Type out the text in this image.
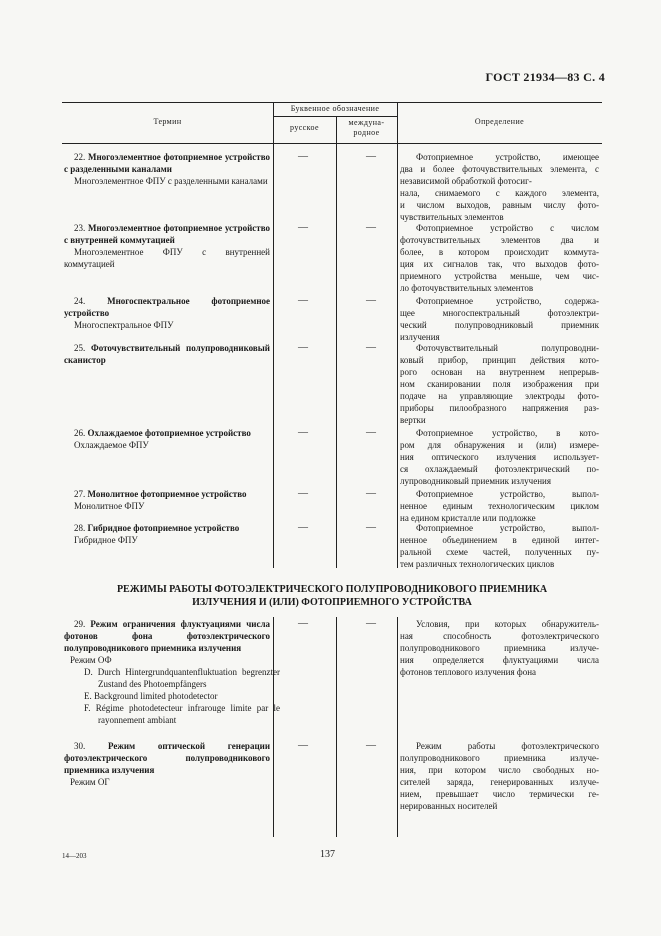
ГОСТ 21934—83 С. 4
Термин
Буквенное обозначение
русское
междуна-
родное
Определение
22. Многоэлементное фотоприемное устройство с разделенными каналами
Многоэлементное ФПУ с разделенными каналами
—	—	Фотоприемное устройство, имеющее
два и более фоточувствительных элемента, с независимой обработкой фотосиг-
нала, снимаемого с каждого элемента,
и числом выходов, равным числу фото-
чувствительных элементов
23. Многоэлементное фотоприемное устройство с внутренней коммутацией
Многоэлементное ФПУ с внутренней коммутацией
—	—	Фотоприемное устройство с числом
фоточувствительных элементов два и
более, в котором происходит коммута-
ция их сигналов так, что выходов фото-
приемного устройства меньше, чем чис-
ло фоточувствительных элементов
24. Многоспектральное фотоприемное устройство
Многоспектральное ФПУ
—	—	Фотоприемное устройство, содержа-
щее многоспектральный фотоэлектри-
ческий полупроводниковый приемник
излучения
25. Фоточувствительный полупроводниковый сканистор
—	—	Фоточувствительный полупроводни-
ковый прибор, принцип действия кото-
рого основан на внутреннем непрерыв-
ном сканировании поля изображения при
подаче на управляющие электроды фото-
приборы пилообразного напряжения раз-
вертки
26. Охлаждаемое фотоприемное устройство
Охлаждаемое ФПУ
—	—	Фотоприемное устройство, в кото-
ром для обнаружения и (или) измере-
ния оптического излучения использует-
ся охлаждаемый фотоэлектрический по-
лупроводниковый приемник излучения
27. Монолитное фотоприемное устройство
Монолитное ФПУ
—	—	Фотоприемное устройство, выпол-
ненное единым технологическим циклом
на едином кристалле или подложке
28. Гибридное фотоприемное устройство
Гибридное ФПУ
—	—	Фотоприемное устройство, выпол-
ненное объединением в единой интег-
ральной схеме частей, полученных пу-
тем различных технологических циклов
РЕЖИМЫ РАБОТЫ ФОТОЭЛЕКТРИЧЕСКОГО ПОЛУПРОВОДНИКОВОГО ПРИЕМНИКА
ИЗЛУЧЕНИЯ И (ИЛИ) ФОТОПРИЕМНОГО УСТРОЙСТВА
29. Режим ограничения флуктуациями числа фотонов фона фотоэлектрического полупроводникового приемника излучения
Режим ОФ
D. Durch Hintergrundquantenfluktuation begrenzter Zustand des Photoempfängers
E. Background limited photodetector
F. Régime photodetecteur infrarouge limite par le rayonnement ambiant
—	—	Условия, при которых обнаружитель-
ная способность фотоэлектрического
полупроводникового приемника излуче-
ния определяется флуктуациями числа
фотонов теплового излучения фона
30.	Режим оптической генерации фотоэлектрического полупроводникового приемника излучения
Режим ОГ
—	—	Режим работы фотоэлектрического
полупроводникового приемника излуче-
ния, при котором число свободных но-
сителей заряда, генерированных излуче-
нием, превышает число термически ге-
нерированных носителей
14—203	137
